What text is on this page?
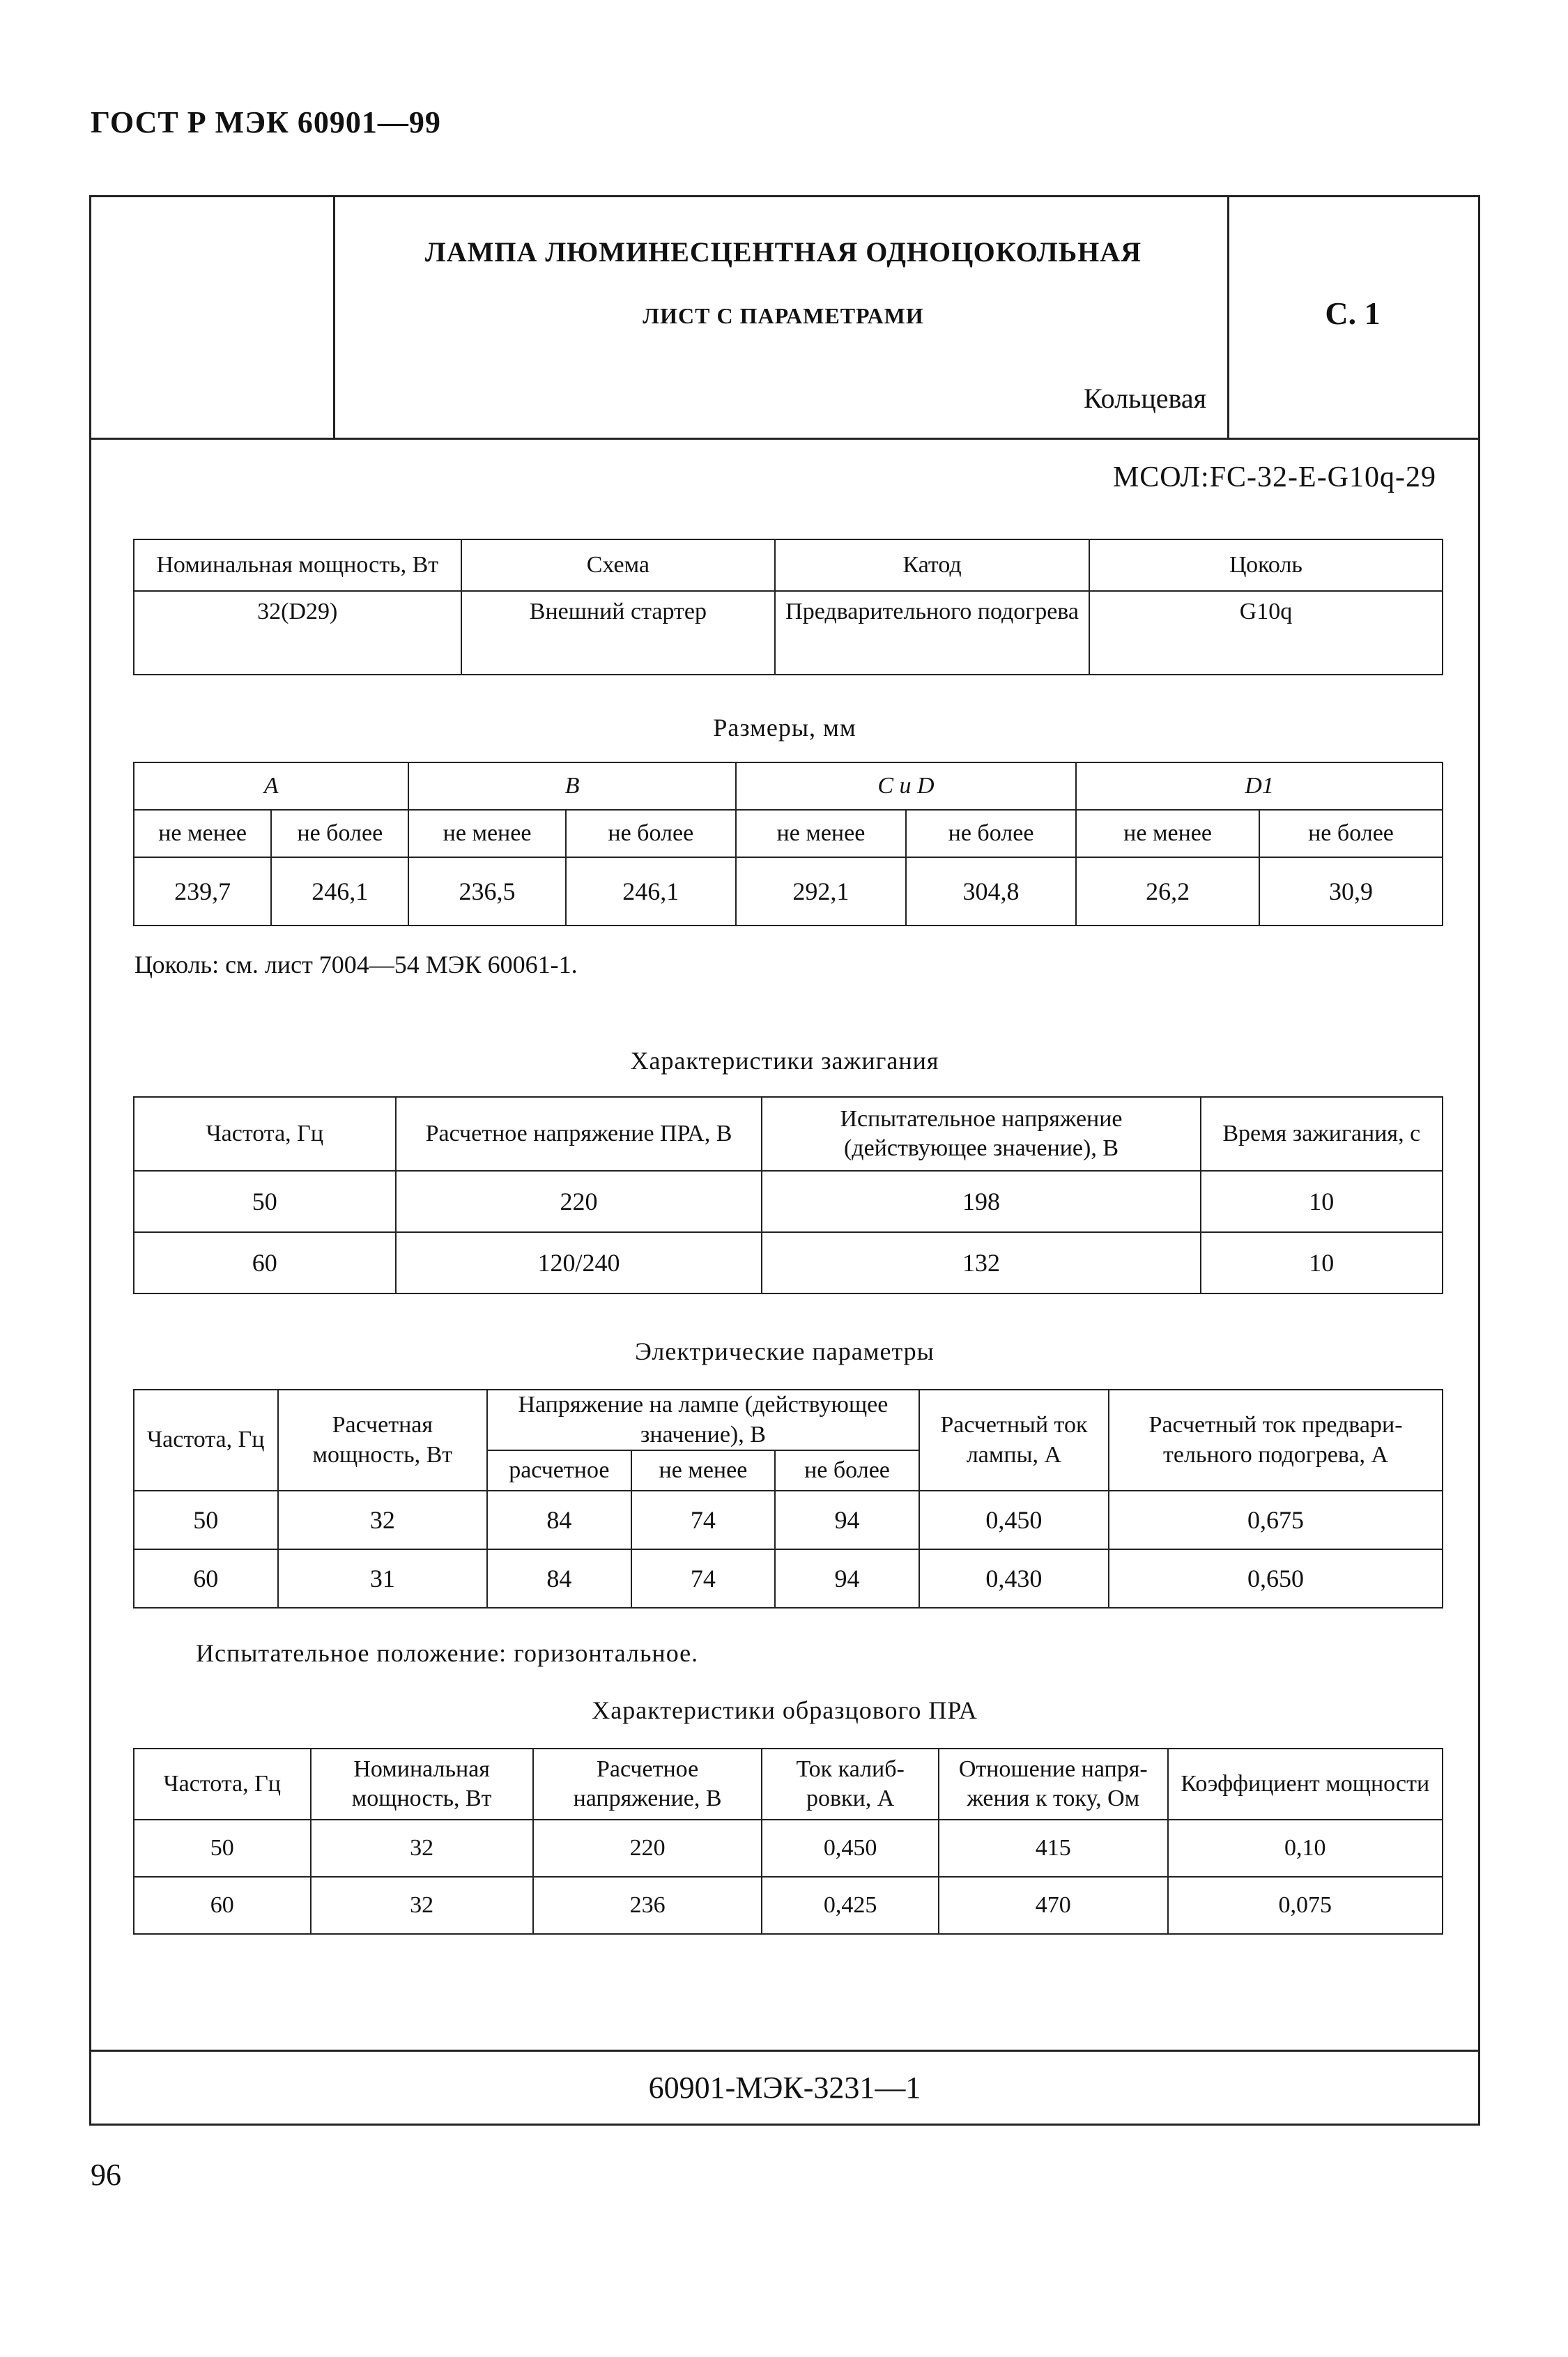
ГОСТ Р МЭК 60901—99
ЛАМПА ЛЮМИНЕСЦЕНТНАЯ ОДНОЦОКОЛЬНАЯ
ЛИСТ С ПАРАМЕТРАМИ
Кольцевая
С. 1
МСОЛ:FC-32-E-G10q-29
Номинальная мощность, Вт	Схема	Катод	Цоколь
32(D29)	Внешний стартер	Предварительного подогрева	G10q
Размеры, мм
A		B		C и D		D1	
не менее	не более	не менее	не более	не менее	не более	не менее	не более
239,7	246,1	236,5	246,1	292,1	304,8	26,2	30,9
Цоколь: см. лист 7004—54 МЭК 60061-1.
Характеристики зажигания
Частота, Гц	Расчетное напряжение ПРА, В	Испытательное напряжение (действующее значение), В	Время зажигания, с
50	220	198	10
60	120/240	132	10
Электрические параметры
Частота, Гц	Расчетная мощность, Вт	Напряжение на лампе (действующее значение), В			Расчетный ток лампы, А	Расчетный ток предвари-тельного подогрева, А
		расчетное	не менее	не более		
50	32	84	74	94	0,450	0,675
60	31	84	74	94	0,430	0,650
Испытательное положение: горизонтальное.
Характеристики образцового ПРА
Частота, Гц	Номинальная мощность, Вт	Расчетное напряжение, В	Ток калиб-ровки, А	Отношение напря-жения к току, Ом	Коэффициент мощности
50	32	220	0,450	415	0,10
60	32	236	0,425	470	0,075
60901-МЭК-3231—1
96
